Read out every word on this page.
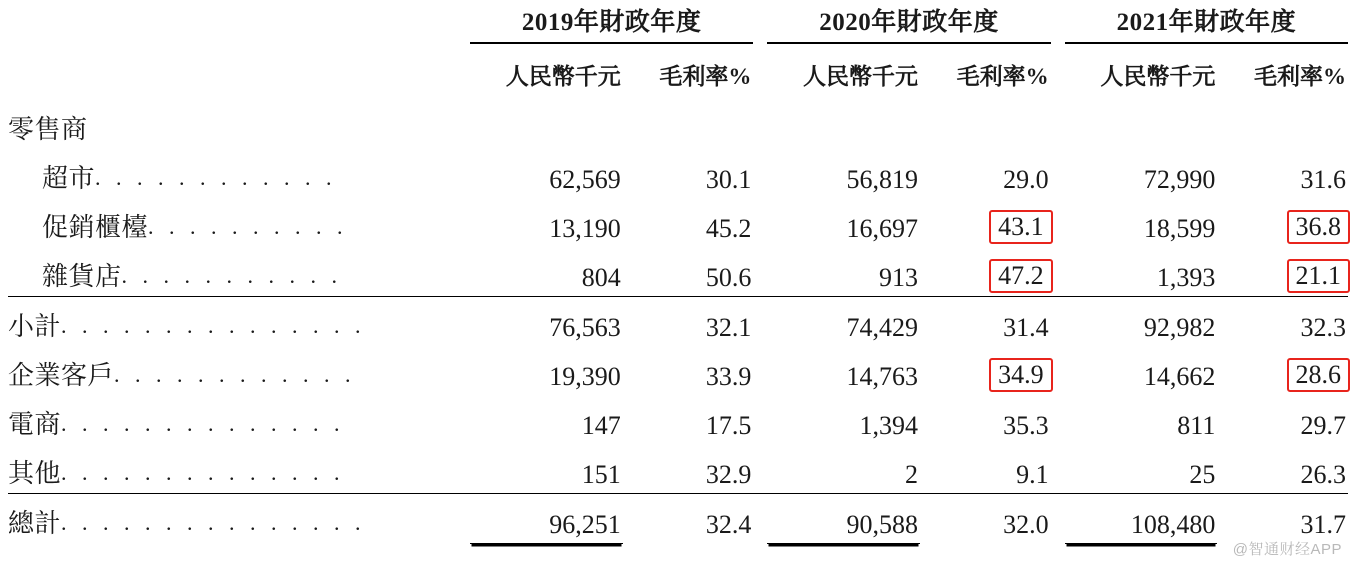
	2019年財政年度			2020年財政年度			2021年財政年度	
	人民幣千元	毛利率%		人民幣千元	毛利率%		人民幣千元	毛利率%
零售商								
超市. . . . . . . . . . . .	62,569	30.1		56,819	29.0		72,990	31.6
促銷櫃檯. . . . . . . . . .	13,190	45.2		16,697	43.1		18,599	36.8
雜貨店. . . . . . . . . . .	804	50.6		913	47.2		1,393	21.1
小計. . . . . . . . . . . . . . .	76,563	32.1		74,429	31.4		92,982	32.3
企業客戶. . . . . . . . . . . .	19,390	33.9		14,763	34.9		14,662	28.6
電商. . . . . . . . . . . . . .	147	17.5		1,394	35.3		811	29.7
其他. . . . . . . . . . . . . .	151	32.9		2	9.1		25	26.3
總計. . . . . . . . . . . . . . .	96,251	32.4		90,588	32.0		108,480	31.7
@智通财经APP
